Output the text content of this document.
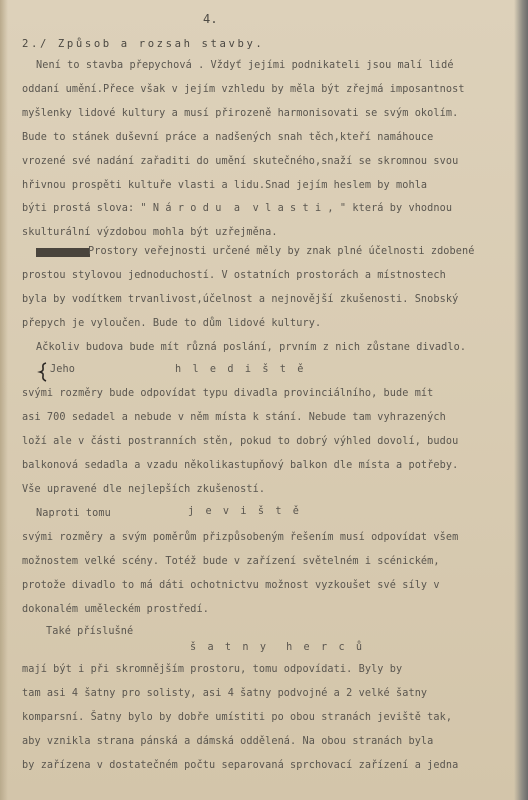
4.
2./ Způsob a rozsah stavby.
Není to stavba přepychová . Vždyť jejími podnikateli jsou malí lidé
oddaní umění.Přece však v jejím vzhledu by měla být zřejmá imposantnost
myšlenky lidové kultury a musí přirozeně harmonisovati se svým okolím.
Bude to stánek duševní práce a nadšených snah těch,kteří namáhouce
vrozené své nadání zařaditi do umění skutečného,snaží se skromnou svou
hřivnou prospěti kultuře vlasti a lidu.Snad jejím heslem by mohla
býti prostá slova: " N á r o d u  a  v l a s t i , " která by vhodnou
skulturální výzdobou mohla být uzřejměna.
Prostory veřejnosti určené měly by znak plné účelnosti zdobené
prostou stylovou jednoduchostí. V ostatních prostorách a místnostech
byla by vodítkem trvanlivost,účelnost a nejnovější zkušenosti. Snobský
přepych je vyloučen. Bude to dům lidové kultury.
Ačkoliv budova bude mít různá poslání, prvním z nich zůstane divadlo.
Jeho	h l e d i š t ě
svými rozměry bude odpovídat typu divadla provinciálního, bude mít
asi 700 sedadel a nebude v něm místa k stání. Nebude tam vyhrazených
loží ale v části postranních stěn, pokud to dobrý výhled dovolí, budou
balkonová sedadla a vzadu několikastupňový balkon dle místa a potřeby.
Vše upravené dle nejlepších zkušeností.
Naproti tomu	j e v i š t ě
svými rozměry a svým poměrům přizpůsobeným řešením musí odpovídat všem
možnostem velké scény. Totéž bude v zařízení světelném i scénickém,
protože divadlo to má dáti ochotnictvu možnost vyzkoušet své síly v
dokonalém uměleckém prostředí.
Také příslušné
š a t n y  h e r c ů
mají být i při skromnějším prostoru, tomu odpovídati. Byly by
tam asi 4 šatny pro solisty, asi 4 šatny podvojné a 2 velké šatny
komparsní. Šatny bylo by dobře umístiti po obou stranách jeviště tak,
aby vznikla strana pánská a dámská oddělená. Na obou stranách byla
by zařízena v dostatečném počtu separovaná sprchovací zařízení a jedna
